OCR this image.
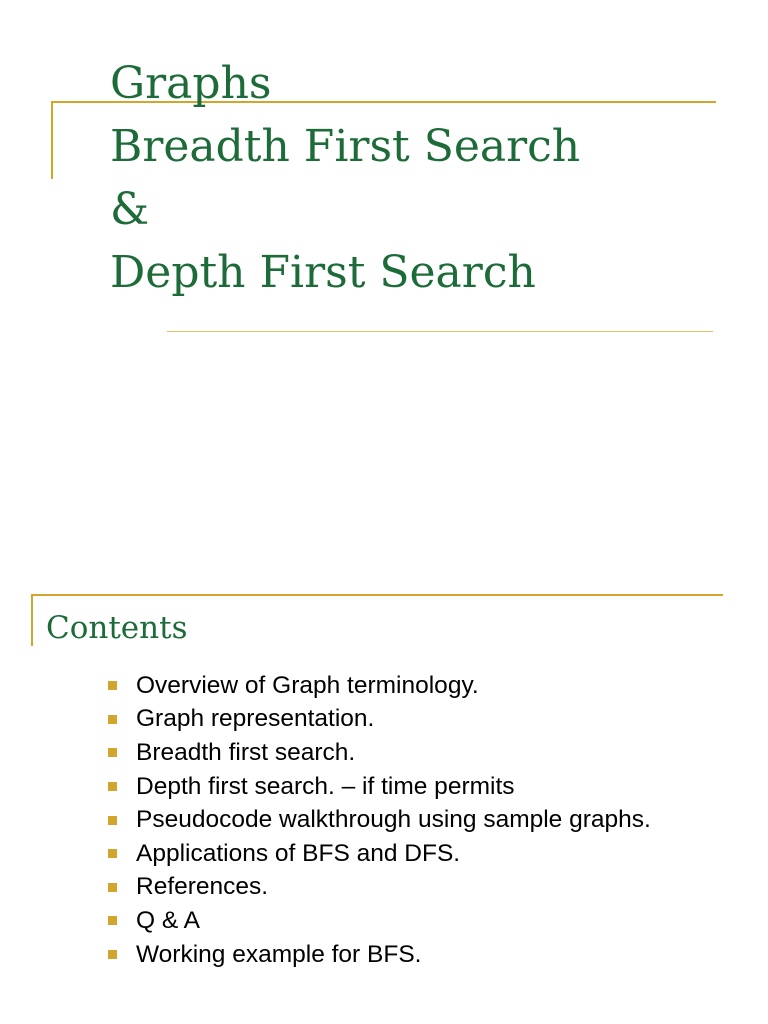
Graphs
Breadth First Search
&
Depth First Search
Contents
Overview of Graph terminology.
Graph representation.
Breadth first search.
Depth first search. – if time permits
Pseudocode walkthrough using sample graphs.
Applications of BFS and DFS.
References.
Q & A
Working example for BFS.
